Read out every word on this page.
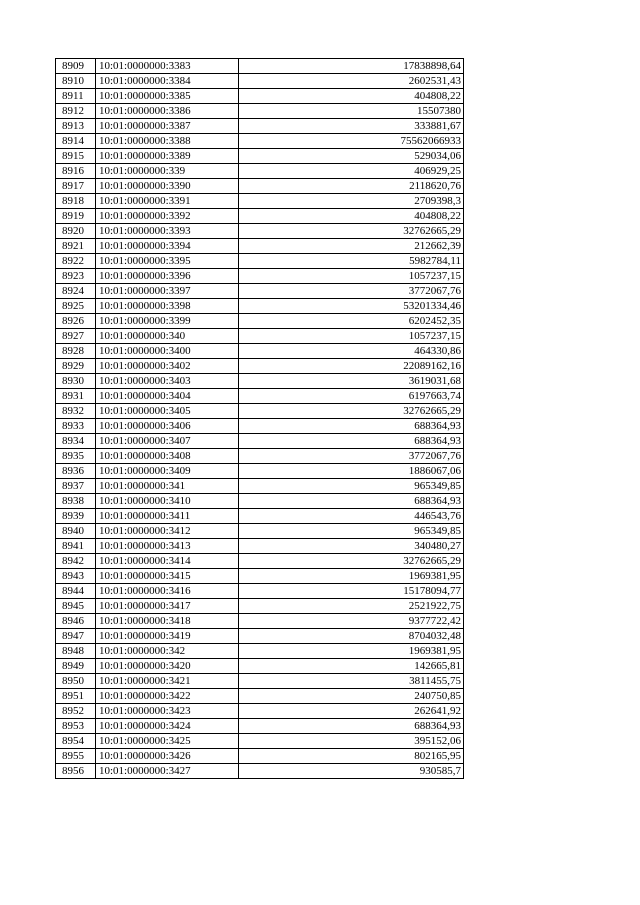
8909	10:01:0000000:3383	17838898,64
8910	10:01:0000000:3384	2602531,43
8911	10:01:0000000:3385	404808,22
8912	10:01:0000000:3386	15507380
8913	10:01:0000000:3387	333881,67
8914	10:01:0000000:3388	75562066933
8915	10:01:0000000:3389	529034,06
8916	10:01:0000000:339	406929,25
8917	10:01:0000000:3390	2118620,76
8918	10:01:0000000:3391	2709398,3
8919	10:01:0000000:3392	404808,22
8920	10:01:0000000:3393	32762665,29
8921	10:01:0000000:3394	212662,39
8922	10:01:0000000:3395	5982784,11
8923	10:01:0000000:3396	1057237,15
8924	10:01:0000000:3397	3772067,76
8925	10:01:0000000:3398	53201334,46
8926	10:01:0000000:3399	6202452,35
8927	10:01:0000000:340	1057237,15
8928	10:01:0000000:3400	464330,86
8929	10:01:0000000:3402	22089162,16
8930	10:01:0000000:3403	3619031,68
8931	10:01:0000000:3404	6197663,74
8932	10:01:0000000:3405	32762665,29
8933	10:01:0000000:3406	688364,93
8934	10:01:0000000:3407	688364,93
8935	10:01:0000000:3408	3772067,76
8936	10:01:0000000:3409	1886067,06
8937	10:01:0000000:341	965349,85
8938	10:01:0000000:3410	688364,93
8939	10:01:0000000:3411	446543,76
8940	10:01:0000000:3412	965349,85
8941	10:01:0000000:3413	340480,27
8942	10:01:0000000:3414	32762665,29
8943	10:01:0000000:3415	1969381,95
8944	10:01:0000000:3416	15178094,77
8945	10:01:0000000:3417	2521922,75
8946	10:01:0000000:3418	9377722,42
8947	10:01:0000000:3419	8704032,48
8948	10:01:0000000:342	1969381,95
8949	10:01:0000000:3420	142665,81
8950	10:01:0000000:3421	3811455,75
8951	10:01:0000000:3422	240750,85
8952	10:01:0000000:3423	262641,92
8953	10:01:0000000:3424	688364,93
8954	10:01:0000000:3425	395152,06
8955	10:01:0000000:3426	802165,95
8956	10:01:0000000:3427	930585,7
